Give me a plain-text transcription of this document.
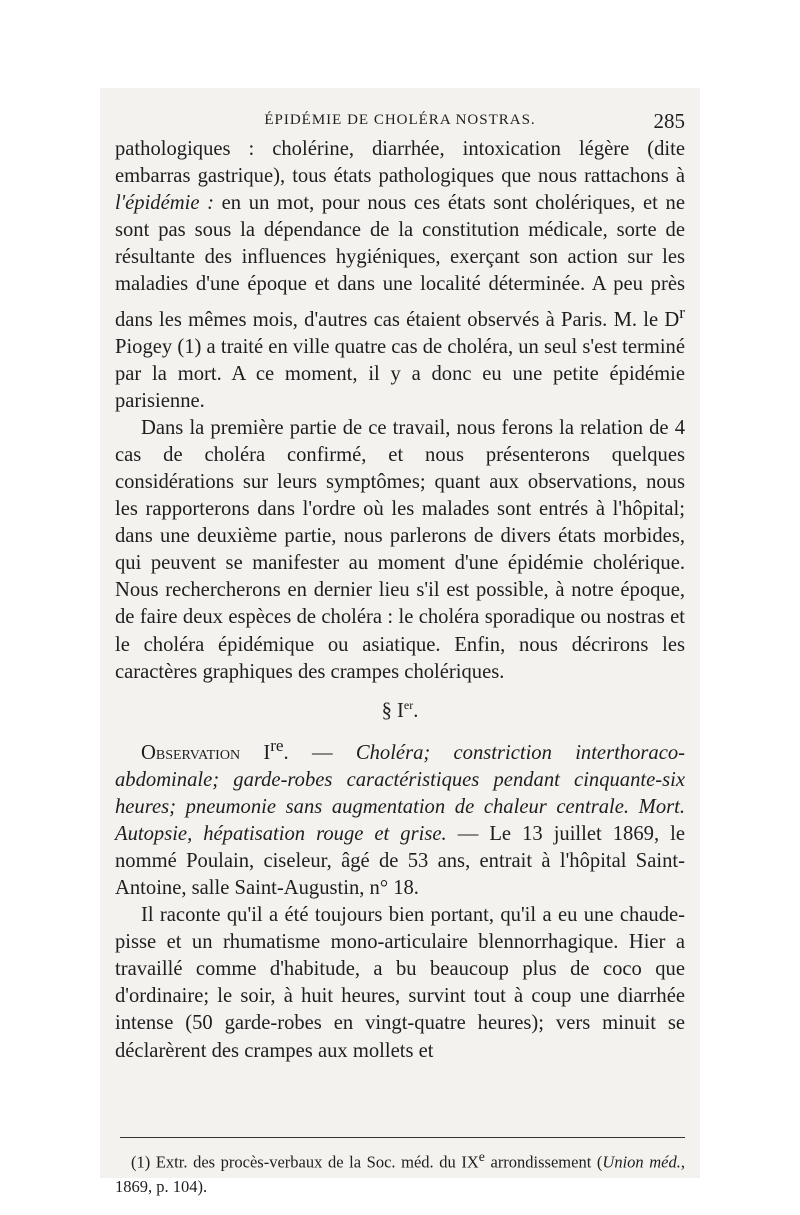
ÉPIDÉMIE DE CHOLÉRA NOSTRAS.	285

pathologiques : cholérine, diarrhée, intoxication légère (dite embarras gastrique), tous états pathologiques que nous rattachons à l'épidémie : en un mot, pour nous ces états sont cholériques, et ne sont pas sous la dépendance de la constitution médicale, sorte de résultante des influences hygiéniques, exerçant son action sur les maladies d'une époque et dans une localité déterminée. A peu près dans les mêmes mois, d'autres cas étaient observés à Paris. M. le $D^r$ Piogey (1) a traité en ville quatre cas de choléra, un seul s'est terminé par la mort. A ce moment, il y a donc eu une petite épidémie parisienne.

Dans la première partie de ce travail, nous ferons la relation de 4 cas de choléra confirmé, et nous présenterons quelques considérations sur leurs symptômes; quant aux observations, nous les rapporterons dans l'ordre où les malades sont entrés à l'hôpital; dans une deuxième partie, nous parlerons de divers états morbides, qui peuvent se manifester au moment d'une épidémie cholérique. Nous rechercherons en dernier lieu s'il est possible, à notre époque, de faire deux espèces de choléra : le choléra sporadique ou nostras et le choléra épidémique ou asiatique. Enfin, nous décrirons les caractères graphiques des crampes cholériques.

§ Ier.

Observation Ire. — Choléra; constriction interthoraco-abdominale; garde-robes caractéristiques pendant cinquante-six heures; pneumonie sans augmentation de chaleur centrale. Mort. Autopsie, hépatisation rouge et grise. — Le 13 juillet 1869, le nommé Poulain, ciseleur, âgé de 53 ans, entrait à l'hôpital Saint-Antoine, salle Saint-Augustin, n° 18.

Il raconte qu'il a été toujours bien portant, qu'il a eu une chaude-pisse et un rhumatisme mono-articulaire blennorrhagique. Hier a travaillé comme d'habitude, a bu beaucoup plus de coco que d'ordinaire; le soir, à huit heures, survint tout à coup une diarrhée intense (50 garde-robes en vingt-quatre heures); vers minuit se déclarèrent des crampes aux mollets et

(1) Extr. des procès-verbaux de la Soc. méd. du IXe arrondissement (Union méd., 1869, p. 104).
